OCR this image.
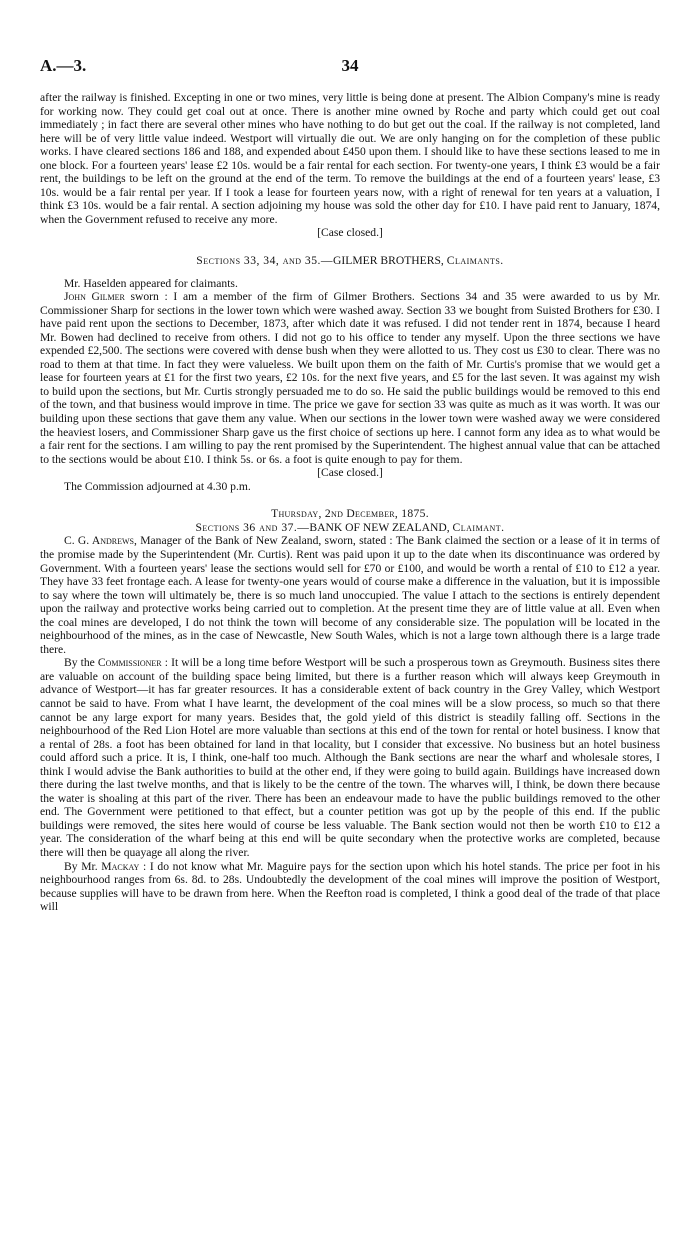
A.—3.	34

after the railway is finished. Excepting in one or two mines, very little is being done at present. The Albion Company's mine is ready for working now. They could get coal out at once. There is another mine owned by Roche and party which could get out coal immediately ; in fact there are several other mines who have nothing to do but get out the coal. If the railway is not completed, land here will be of very little value indeed. Westport will virtually die out. We are only hanging on for the completion of these public works. I have cleared sections 186 and 188, and expended about £450 upon them. I should like to have these sections leased to me in one block. For a fourteen years' lease £2 10s. would be a fair rental for each section. For twenty-one years, I think £3 would be a fair rent, the buildings to be left on the ground at the end of the term. To remove the buildings at the end of a fourteen years' lease, £3 10s. would be a fair rental per year. If I took a lease for fourteen years now, with a right of renewal for ten years at a valuation, I think £3 10s. would be a fair rental. A section adjoining my house was sold the other day for £10. I have paid rent to January, 1874, when the Government refused to receive any more.

[Case closed.]

Sections 33, 34, and 35.—GILMER BROTHERS, Claimants.

Mr. Haselden appeared for claimants.

John Gilmer sworn : I am a member of the firm of Gilmer Brothers. Sections 34 and 35 were awarded to us by Mr. Commissioner Sharp for sections in the lower town which were washed away. Section 33 we bought from Suisted Brothers for £30. I have paid rent upon the sections to December, 1873, after which date it was refused. I did not tender rent in 1874, because I heard Mr. Bowen had declined to receive from others. I did not go to his office to tender any myself. Upon the three sections we have expended £2,500. The sections were covered with dense bush when they were allotted to us. They cost us £30 to clear. There was no road to them at that time. In fact they were valueless. We built upon them on the faith of Mr. Curtis's promise that we would get a lease for fourteen years at £1 for the first two years, £2 10s. for the next five years, and £5 for the last seven. It was against my wish to build upon the sections, but Mr. Curtis strongly persuaded me to do so. He said the public buildings would be removed to this end of the town, and that business would improve in time. The price we gave for section 33 was quite as much as it was worth. It was our building upon these sections that gave them any value. When our sections in the lower town were washed away we were considered the heaviest losers, and Commissioner Sharp gave us the first choice of sections up here. I cannot form any idea as to what would be a fair rent for the sections. I am willing to pay the rent promised by the Superintendent. The highest annual value that can be attached to the sections would be about £10. I think 5s. or 6s. a foot is quite enough to pay for them.

[Case closed.]

The Commission adjourned at 4.30 p.m.

Thursday, 2nd December, 1875.

Sections 36 and 37.—BANK OF NEW ZEALAND, Claimant.

C. G. Andrews, Manager of the Bank of New Zealand, sworn, stated : The Bank claimed the section or a lease of it in terms of the promise made by the Superintendent (Mr. Curtis). Rent was paid upon it up to the date when its discontinuance was ordered by Government. With a fourteen years' lease the sections would sell for £70 or £100, and would be worth a rental of £10 to £12 a year. They have 33 feet frontage each. A lease for twenty-one years would of course make a difference in the valuation, but it is impossible to say where the town will ultimately be, there is so much land unoccupied. The value I attach to the sections is entirely dependent upon the railway and protective works being carried out to completion. At the present time they are of little value at all. Even when the coal mines are developed, I do not think the town will become of any considerable size. The population will be located in the neighbourhood of the mines, as in the case of Newcastle, New South Wales, which is not a large town although there is a large trade there.

By the Commissioner : It will be a long time before Westport will be such a prosperous town as Greymouth. Business sites there are valuable on account of the building space being limited, but there is a further reason which will always keep Greymouth in advance of Westport—it has far greater resources. It has a considerable extent of back country in the Grey Valley, which Westport cannot be said to have. From what I have learnt, the development of the coal mines will be a slow process, so much so that there cannot be any large export for many years. Besides that, the gold yield of this district is steadily falling off. Sections in the neighbourhood of the Red Lion Hotel are more valuable than sections at this end of the town for rental or hotel business. I know that a rental of 28s. a foot has been obtained for land in that locality, but I consider that excessive. No business but an hotel business could afford such a price. It is, I think, one-half too much. Although the Bank sections are near the wharf and wholesale stores, I think I would advise the Bank authorities to build at the other end, if they were going to build again. Buildings have increased down there during the last twelve months, and that is likely to be the centre of the town. The wharves will, I think, be down there because the water is shoaling at this part of the river. There has been an endeavour made to have the public buildings removed to the other end. The Government were petitioned to that effect, but a counter petition was got up by the people of this end. If the public buildings were removed, the sites here would of course be less valuable. The Bank section would not then be worth £10 to £12 a year. The consideration of the wharf being at this end will be quite secondary when the protective works are completed, because there will then be quayage all along the river.

By Mr. Mackay : I do not know what Mr. Maguire pays for the section upon which his hotel stands. The price per foot in his neighbourhood ranges from 6s. 8d. to 28s. Undoubtedly the development of the coal mines will improve the position of Westport, because supplies will have to be drawn from here. When the Reefton road is completed, I think a good deal of the trade of that place will
